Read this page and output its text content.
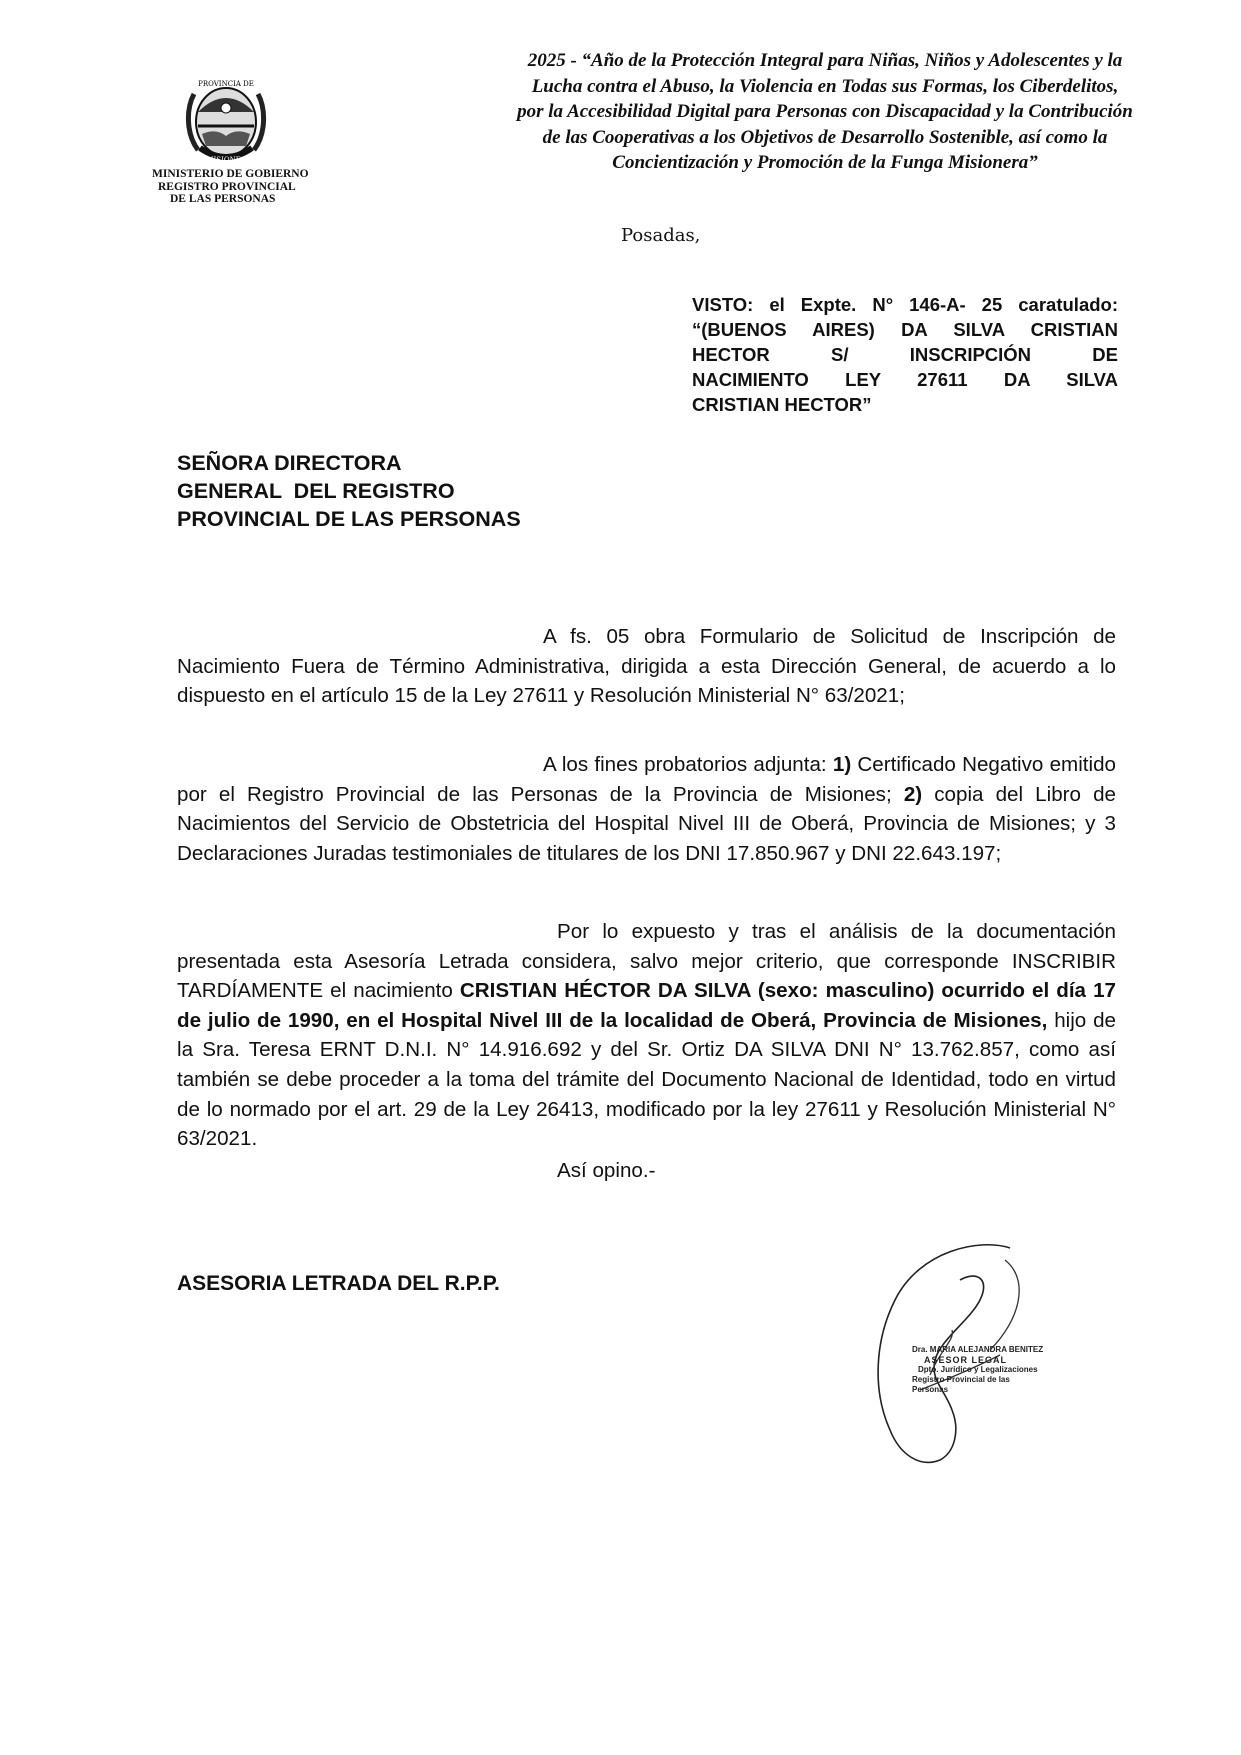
PROVINCIA DE
MISIONES
MINISTERIO DE GOBIERNO
REGISTRO PROVINCIAL
DE LAS PERSONAS
2025 - “Año de la Protección Integral para Niñas, Niños y Adolescentes y la
Lucha contra el Abuso, la Violencia en Todas sus Formas, los Ciberdelitos,
por la Accesibilidad Digital para Personas con Discapacidad y la Contribución
de las Cooperativas a los Objetivos de Desarrollo Sostenible, así como la
Concientización y Promoción de la Funga Misionera”
Posadas,
VISTO: el Expte. N° 146-A- 25 caratulado:
“(BUENOS AIRES) DA SILVA CRISTIAN
HECTOR S/ INSCRIPCIÓN DE
NACIMIENTO LEY 27611 DA SILVA
CRISTIAN HECTOR”
SEÑORA DIRECTORA
GENERAL  DEL REGISTRO
PROVINCIAL DE LAS PERSONAS
A fs. 05 obra Formulario de Solicitud de Inscripción de Nacimiento Fuera de Término Administrativa, dirigida a esta Dirección General, de acuerdo a lo dispuesto en el artículo 15 de la Ley 27611 y Resolución Ministerial N° 63/2021;
A los fines probatorios adjunta: 1) Certificado Negativo emitido por el Registro Provincial de las Personas de la Provincia de Misiones; 2) copia del Libro de Nacimientos del Servicio de Obstetricia del Hospital Nivel III de Oberá, Provincia de Misiones; y 3 Declaraciones Juradas testimoniales de titulares de los DNI 17.850.967 y DNI 22.643.197;
Por lo expuesto y tras el análisis de la documentación presentada esta Asesoría Letrada considera, salvo mejor criterio, que corresponde INSCRIBIR TARDÍAMENTE el nacimiento CRISTIAN HÉCTOR DA SILVA (sexo: masculino) ocurrido el día 17 de julio de 1990, en el Hospital Nivel III de la localidad de Oberá, Provincia de Misiones, hijo de la Sra. Teresa ERNT D.N.I. N° 14.916.692 y del Sr. Ortiz DA SILVA DNI N° 13.762.857, como así también se debe proceder a la toma del trámite del Documento Nacional de Identidad, todo en virtud de lo normado por el art. 29 de la Ley 26413, modificado por la ley 27611 y Resolución Ministerial N° 63/2021.
Así opino.-
ASESORIA LETRADA DEL R.P.P.
Dra. MARIA ALEJANDRA BENITEZ
ASESOR LEGAL
Dpto. Jurídico y Legalizaciones
Registro Provincial de las Personas
